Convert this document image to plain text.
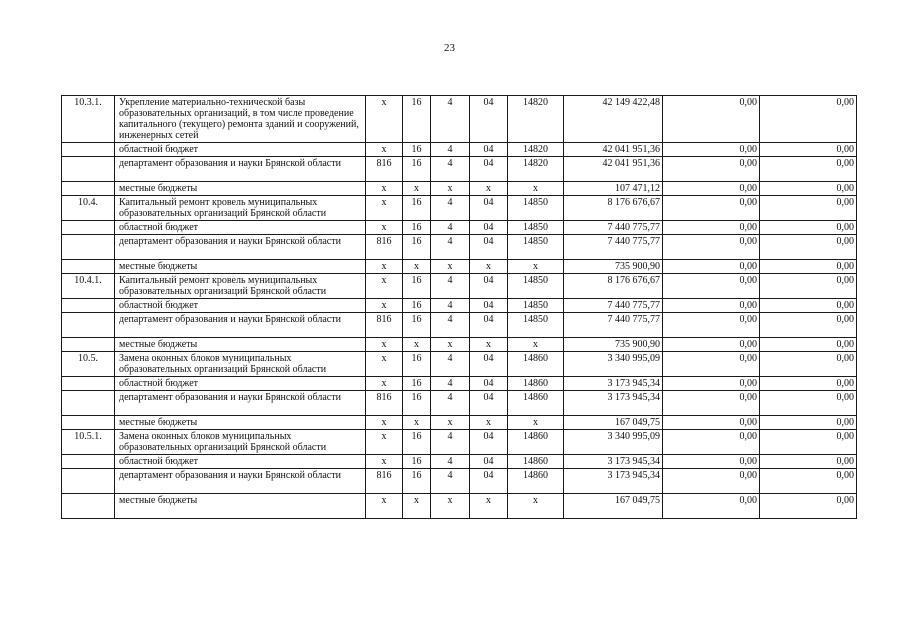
23
10.3.1.	Укрепление материально-технической базы образовательных организаций, в том числе проведение капитального (текущего) ремонта зданий и сооружений, инженерных сетей	х	16	4	04	14820	42 149 422,48	0,00	0,00
	областной бюджет	х	16	4	04	14820	42 041 951,36	0,00	0,00
	департамент образования и науки Брянской области	816	16	4	04	14820	42 041 951,36	0,00	0,00
	местные бюджеты	х	х	х	х	х	107 471,12	0,00	0,00
10.4.	Капитальный ремонт кровель муниципальных образовательных организаций Брянской области	х	16	4	04	14850	8 176 676,67	0,00	0,00
	областной бюджет	х	16	4	04	14850	7 440 775,77	0,00	0,00
	департамент образования и науки Брянской области	816	16	4	04	14850	7 440 775,77	0,00	0,00
	местные бюджеты	х	х	х	х	х	735 900,90	0,00	0,00
10.4.1.	Капитальный ремонт кровель муниципальных образовательных организаций Брянской области	х	16	4	04	14850	8 176 676,67	0,00	0,00
	областной бюджет	х	16	4	04	14850	7 440 775,77	0,00	0,00
	департамент образования и науки Брянской области	816	16	4	04	14850	7 440 775,77	0,00	0,00
	местные бюджеты	х	х	х	х	х	735 900,90	0,00	0,00
10.5.	Замена оконных блоков муниципальных образовательных организаций Брянской области	х	16	4	04	14860	3 340 995,09	0,00	0,00
	областной бюджет	х	16	4	04	14860	3 173 945,34	0,00	0,00
	департамент образования и науки Брянской области	816	16	4	04	14860	3 173 945,34	0,00	0,00
	местные бюджеты	х	х	х	х	х	167 049,75	0,00	0,00
10.5.1.	Замена оконных блоков муниципальных образовательных организаций Брянской области	х	16	4	04	14860	3 340 995,09	0,00	0,00
	областной бюджет	х	16	4	04	14860	3 173 945,34	0,00	0,00
	департамент образования и науки Брянской области	816	16	4	04	14860	3 173 945,34	0,00	0,00
	местные бюджеты	х	х	х	х	х	167 049,75	0,00	0,00
